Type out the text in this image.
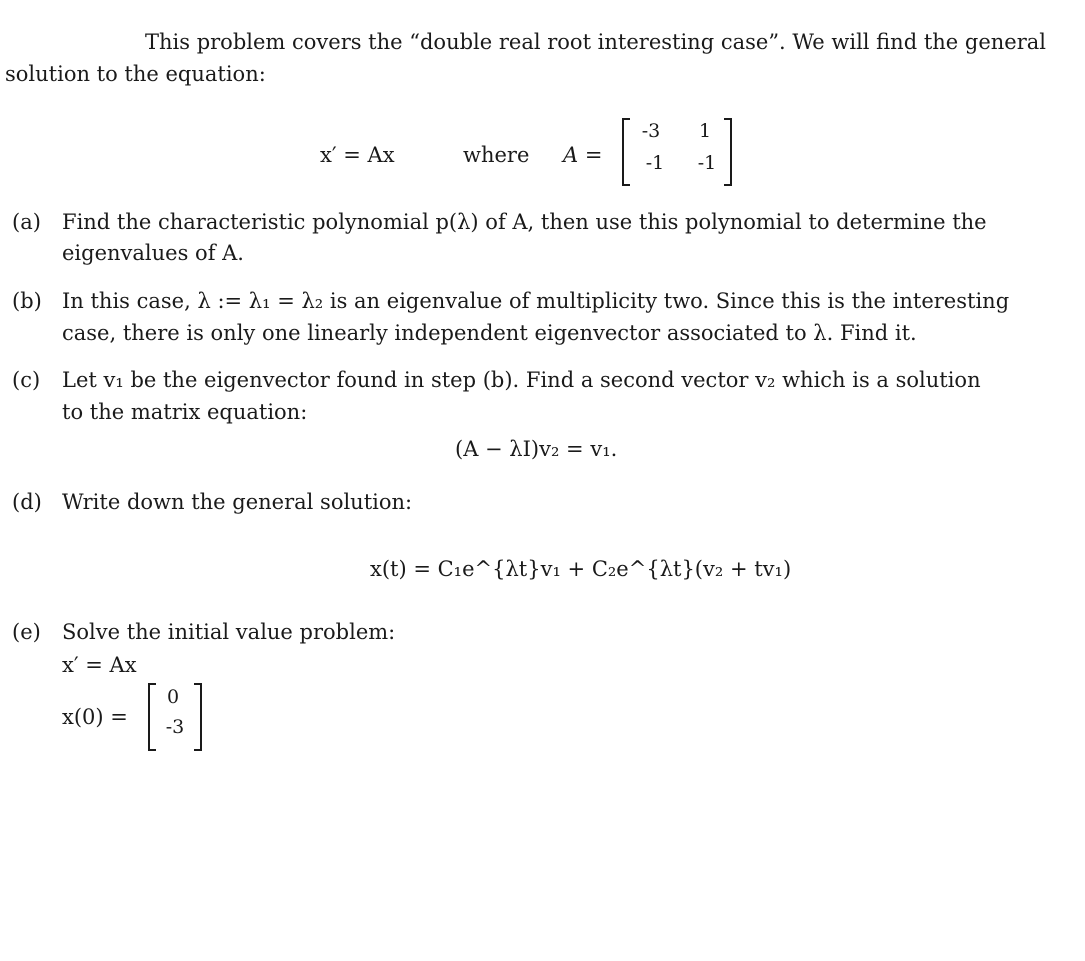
This problem covers the “double real root interesting case”. We will find the general
solution to the equation:
x′ = Ax	where A =
-3	1
-1	-1
(a) Find the characteristic polynomial p(λ) of A, then use this polynomial to determine the
eigenvalues of A.
(b) In this case, λ := λ₁ = λ₂ is an eigenvalue of multiplicity two. Since this is the interesting
case, there is only one linearly independent eigenvector associated to λ. Find it.
(c) Let v₁ be the eigenvector found in step (b). Find a second vector v₂ which is a solution
to the matrix equation:
(A − λI)v₂ = v₁.
(d) Write down the general solution:
x(t) = C₁e^{λt}v₁ + C₂e^{λt}(v₂ + tv₁)
(e) Solve the initial value problem:
x′ = Ax
x(0) =
0
-3
